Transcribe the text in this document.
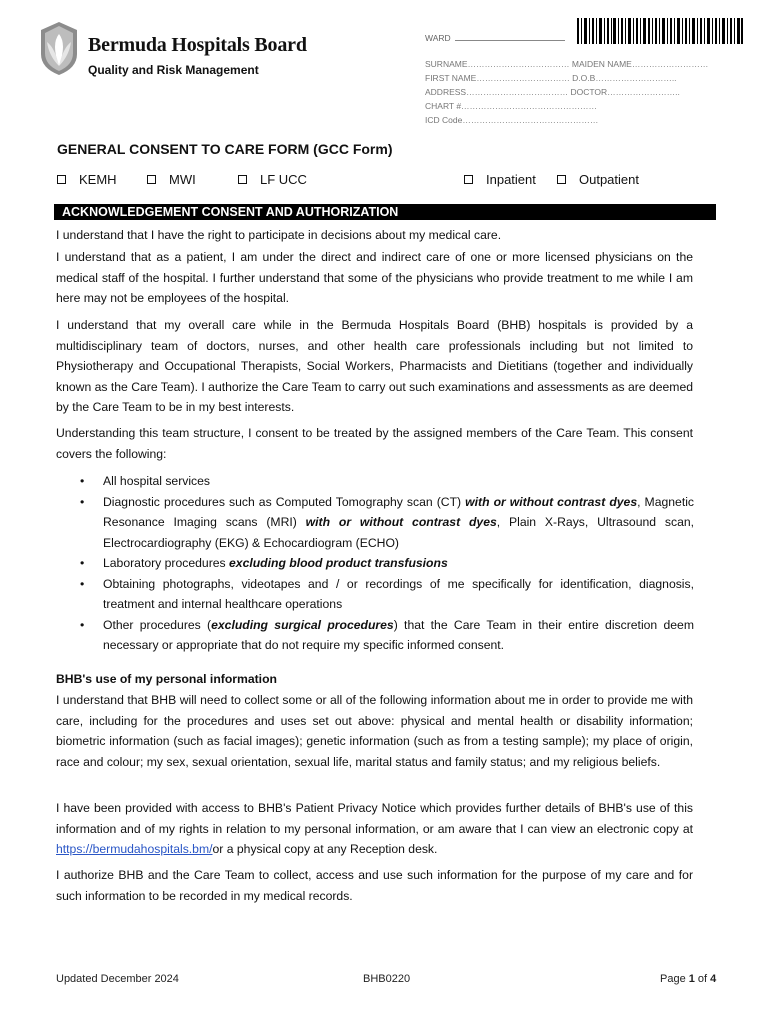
Bermuda Hospitals Board
Quality and Risk Management
WARD
SURNAME……………………………… MAIDEN NAME………………………
FIRST NAME…………………………… D.O.B………………………..
ADDRESS……………………………… DOCTOR……………………..
CHART #…………………………………………
ICD Code…………………………………………
GENERAL CONSENT TO CARE FORM (GCC Form)
KEMH	MWI	LF UCC	Inpatient	Outpatient
ACKNOWLEDGEMENT CONSENT AND AUTHORIZATION

I understand that I have the right to participate in decisions about my medical care.

I understand that as a patient, I am under the direct and indirect care of one or more licensed physicians on the medical staff of the hospital. I further understand that some of the physicians who provide treatment to me while I am here may not be employees of the hospital.

I understand that my overall care while in the Bermuda Hospitals Board (BHB) hospitals is provided by a multidisciplinary team of doctors, nurses, and other health care professionals including but not limited to Physiotherapy and Occupational Therapists, Social Workers, Pharmacists and Dietitians (together and individually known as the Care Team). I authorize the Care Team to carry out such examinations and assessments as are deemed by the Care Team to be in my best interests.

Understanding this team structure, I consent to be treated by the assigned members of the Care Team. This consent covers the following:

• All hospital services
• Diagnostic procedures such as Computed Tomography scan (CT) with or without contrast dyes, Magnetic Resonance Imaging scans (MRI) with or without contrast dyes, Plain X-Rays, Ultrasound scan, Electrocardiography (EKG) & Echocardiogram (ECHO)
• Laboratory procedures excluding blood product transfusions
• Obtaining photographs, videotapes and / or recordings of me specifically for identification, diagnosis, treatment and internal healthcare operations
• Other procedures (excluding surgical procedures) that the Care Team in their entire discretion deem necessary or appropriate that do not require my specific informed consent.
BHB's use of my personal information

I understand that BHB will need to collect some or all of the following information about me in order to provide me with care, including for the procedures and uses set out above: physical and mental health or disability information; biometric information (such as facial images); genetic information (such as from a testing sample); my place of origin, race and colour; my sex, sexual orientation, sexual life, marital status and family status; and my religious beliefs.

I have been provided with access to BHB's Patient Privacy Notice which provides further details of BHB's use of this information and of my rights in relation to my personal information, or am aware that I can view an electronic copy at https://bermudahospitals.bm/or a physical copy at any Reception desk.

I authorize BHB and the Care Team to collect, access and use such information for the purpose of my care and for such information to be recorded in my medical records.

Updated December 2024	BHB0220	Page 1 of 4
